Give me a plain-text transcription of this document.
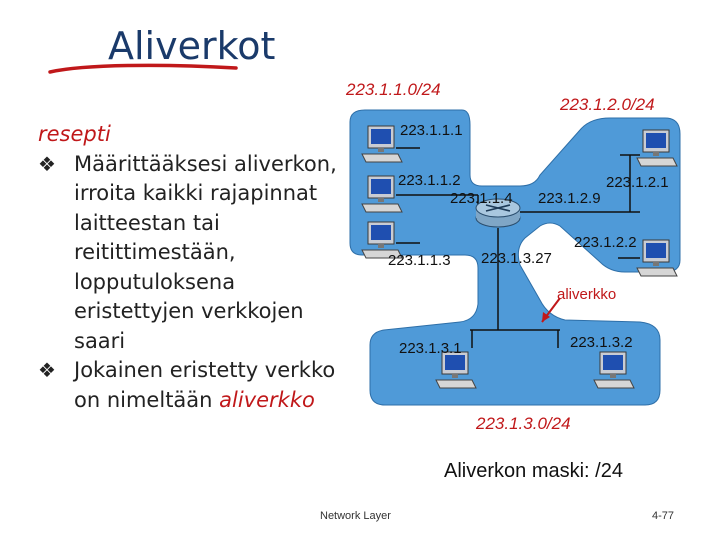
Aliverkot
resepti
❖ Määrittääksesi aliverkon, irroita kaikki rajapinnat laitteestan tai reitittimestään, lopputuloksena eristettyjen verkkojen saari
❖ Jokainen eristetty verkko on nimeltään aliverkko
223.1.1.0/24
223.1.2.0/24
223.1.3.0/24
223.1.1.1
223.1.1.2
223.1.1.3
223.1.2.1
223.1.2.2
223.1.3.1	223.1.3.2
223.1.1.4 223.1.2.9
223.1.3.27
aliverkko
Aliverkon maski: /24
Network Layer	4-77
